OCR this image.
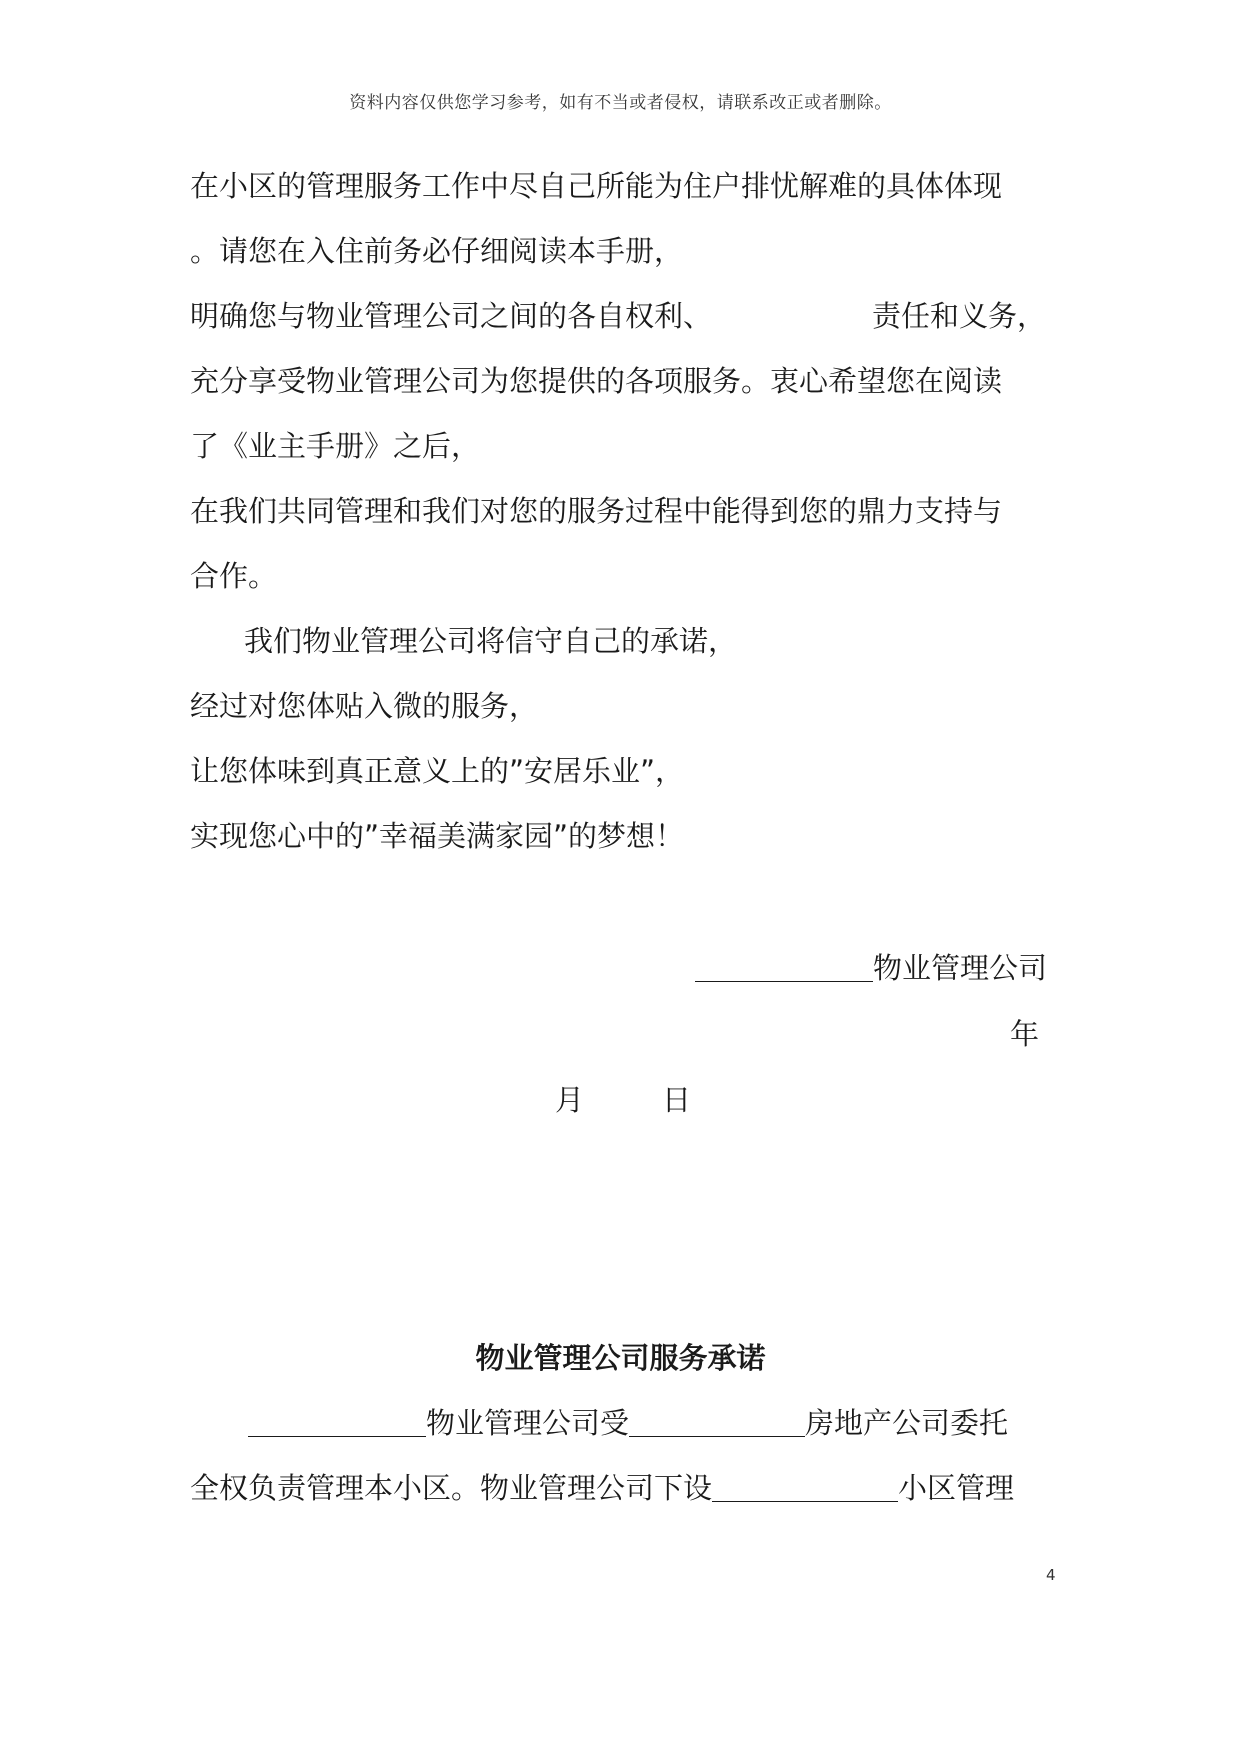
资料内容仅供您学习参考，如有不当或者侵权，请联系改正或者删除。
在小区的管理服务工作中尽自己所能为住户排忧解难的具体体现
。请您在入住前务必仔细阅读本手册，
明确您与物业管理公司之间的各自权利、	责任和义务，
充分享受物业管理公司为您提供的各项服务。衷心希望您在阅读
了《业主手册》之后，
在我们共同管理和我们对您的服务过程中能得到您的鼎力支持与
合作。
我们物业管理公司将信守自己的承诺，
经过对您体贴入微的服务，
让您体味到真正意义上的”安居乐业”，
实现您心中的”幸福美满家园”的梦想！
物业管理公司
年
月	日
物业管理公司服务承诺
物业管理公司受	房地产公司委托
全权负责管理本小区。物业管理公司下设	小区管理
4
